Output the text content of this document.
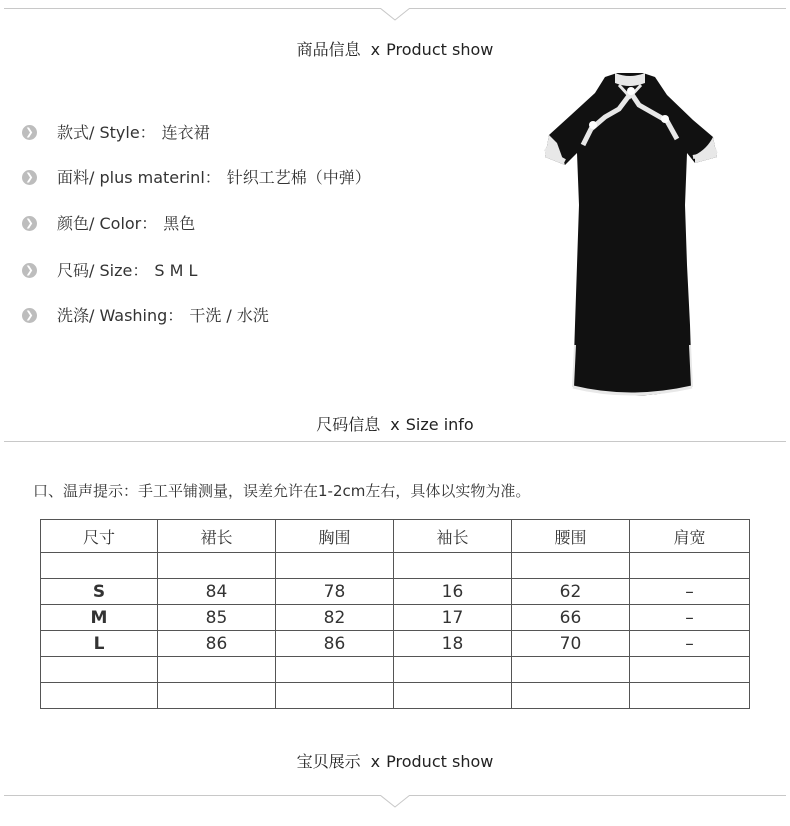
商品信息 x Product show
❯ 款式/ Style： 连衣裙
❯ 面料/ plus materinl： 针织工艺棉（中弹）
❯ 颜色/ Color： 黑色
❯ 尺码/ Size： S M L
❯ 洗涤/ Washing： 干洗 / 水洗
尺码信息 x Size info
口、温声提示：手工平铺测量，误差允许在1-2cm左右，具体以实物为准。
尺寸	裙长	胸围	袖长	腰围	肩宽

S	84	78	16	62	–
M	85	82	17	66	–
L	86	86	18	70	–

宝贝展示 x Product show
